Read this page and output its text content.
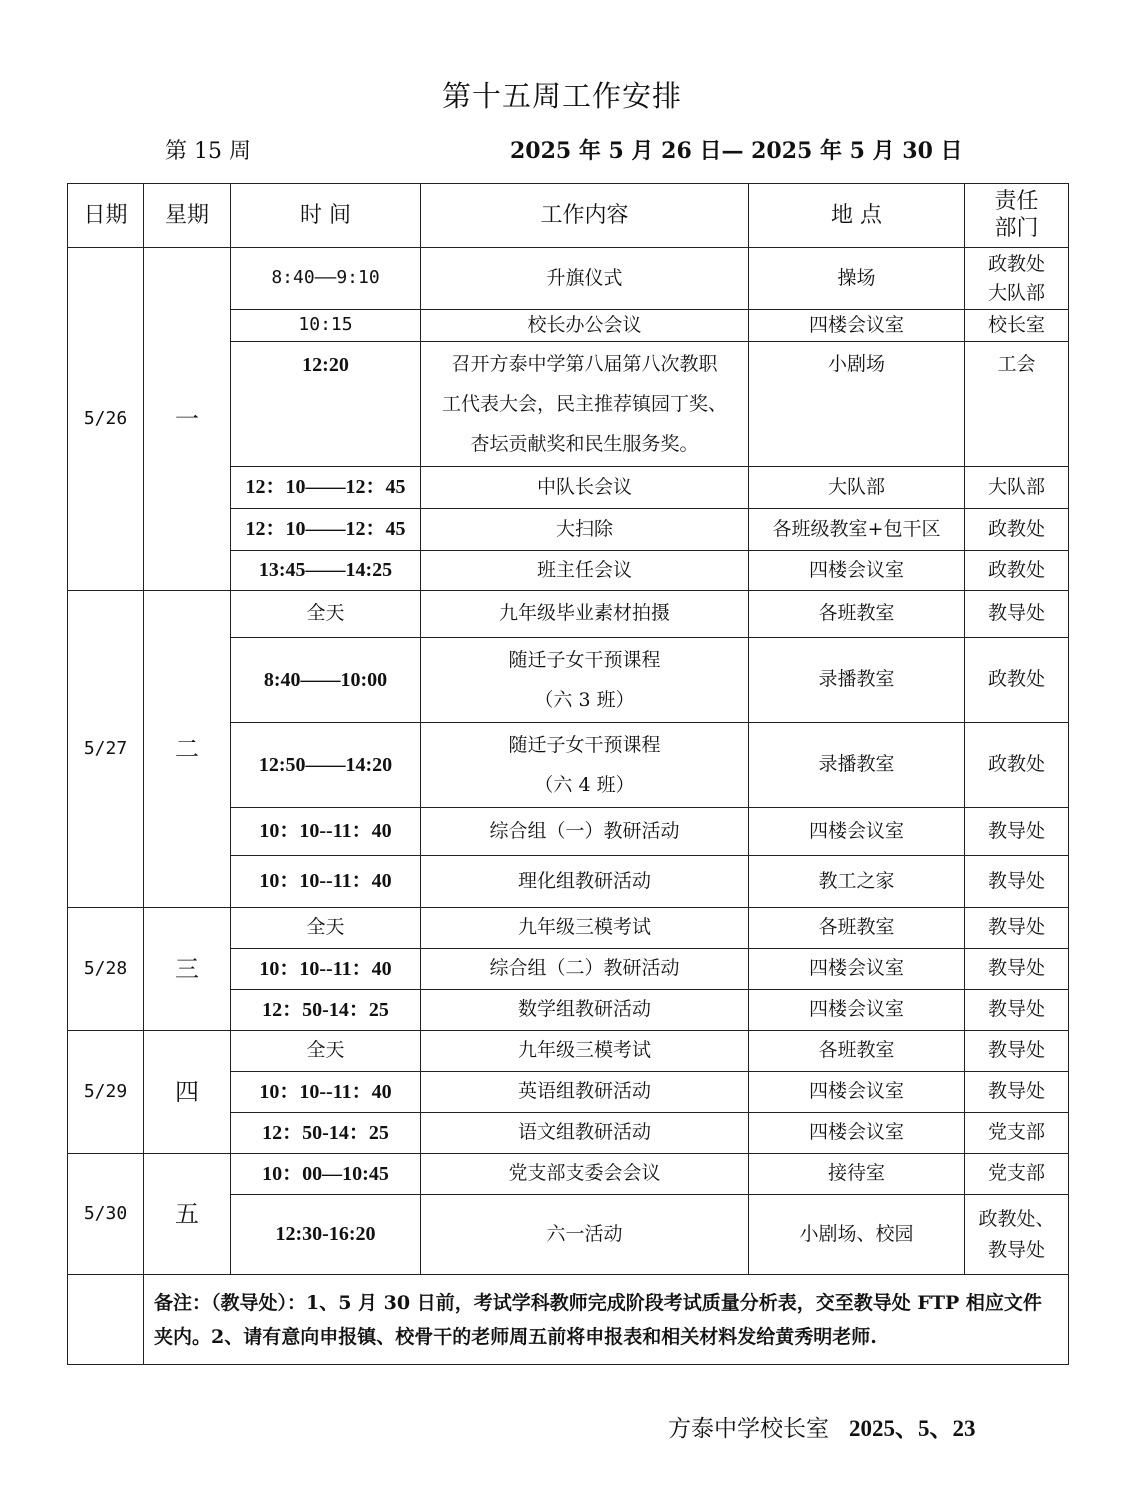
第十五周工作安排
第 15 周	2025 年 5 月 26 日— 2025 年 5 月 30 日
日期	星期	时 间	工作内容	地 点	责任
部门

5/26	一	8:40——9:10	升旗仪式	操场	政教处
大队部

		10:15	校长办公会议	四楼会议室	校长室
		12:20	召开方泰中学第八届第八次教职
工代表大会，民主推荐镇园丁奖、
杏坛贡献奖和民生服务奖。	小剧场	工会
		12：10——12：45	中队长会议	大队部	大队部
		12：10——12：45	大扫除	各班级教室+包干区	政教处
		13:45——14:25	班主任会议	四楼会议室	政教处
5/27	二	全天	九年级毕业素材拍摄	各班教室	教导处
		8:40——10:00	随迁子女干预课程
（六 3 班）	录播教室	政教处
		12:50——14:20	随迁子女干预课程
（六 4 班）	录播教室	政教处
		10：10--11：40	综合组（一）教研活动	四楼会议室	教导处
		10：10--11：40	理化组教研活动	教工之家	教导处
5/28	三	全天	九年级三模考试	各班教室	教导处
		10：10--11：40	综合组（二）教研活动	四楼会议室	教导处
		12：50-14：25	数学组教研活动	四楼会议室	教导处
5/29	四	全天	九年级三模考试	各班教室	教导处
		10：10--11：40	英语组教研活动	四楼会议室	教导处
		12：50-14：25	语文组教研活动	四楼会议室	党支部
5/30	五	10：00—10:45	党支部支委会会议	接待室	党支部
		12:30-16:20	六一活动	小剧场、校园	政教处、
教导处

	备注：（教导处）：1、5 月 30 日前，考试学科教师完成阶段考试质量分析表，交至教导处 FTP 相应文件夹内。2、请有意向申报镇、校骨干的老师周五前将申报表和相关材料发给黄秀明老师.				
方泰中学校长室 2025、5、23
